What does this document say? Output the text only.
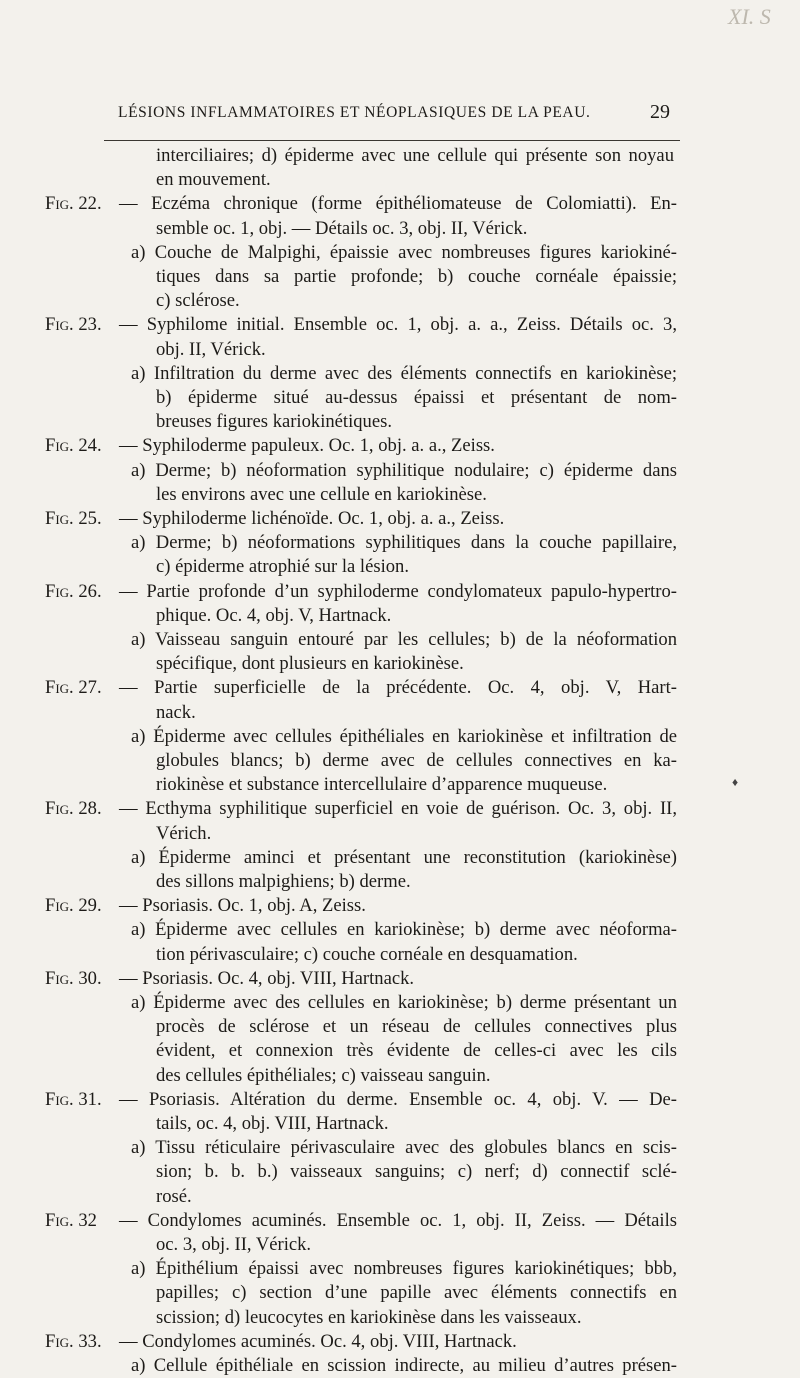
XI. S
LÉSIONS INFLAMMATOIRES ET NÉOPLASIQUES DE LA PEAU.	29
interciliaires; d) épiderme avec une cellule qui présente son noyau
en mouvement.
Fig. 22. — Eczéma chronique (forme épithéliomateuse de Colomiatti). En-
semble oc. 1, obj. — Détails oc. 3, obj. II, Vérick.
a) Couche de Malpighi, épaissie avec nombreuses figures kariokiné-
tiques dans sa partie profonde; b) couche cornéale épaissie;
c) sclérose.
Fig. 23. — Syphilome initial. Ensemble oc. 1, obj. a. a., Zeiss. Détails oc. 3,
obj. II, Vérick.
a) Infiltration du derme avec des éléments connectifs en kariokinèse;
b) épiderme situé au-dessus épaissi et présentant de nom-
breuses figures kariokinétiques.
Fig. 24. — Syphiloderme papuleux. Oc. 1, obj. a. a., Zeiss.
a) Derme; b) néoformation syphilitique nodulaire; c) épiderme dans
les environs avec une cellule en kariokinèse.
Fig. 25. — Syphiloderme lichénoïde. Oc. 1, obj. a. a., Zeiss.
a) Derme; b) néoformations syphilitiques dans la couche papillaire,
c) épiderme atrophié sur la lésion.
Fig. 26. — Partie profonde d’un syphiloderme condylomateux papulo-hypertro-
phique. Oc. 4, obj. V, Hartnack.
a) Vaisseau sanguin entouré par les cellules; b) de la néoformation
spécifique, dont plusieurs en kariokinèse.
Fig. 27. — Partie superficielle de la précédente. Oc. 4, obj. V, Hart-
nack.
a) Épiderme avec cellules épithéliales en kariokinèse et infiltration de
globules blancs; b) derme avec de cellules connectives en ka-
riokinèse et substance intercellulaire d’apparence muqueuse.
Fig. 28. — Ecthyma syphilitique superficiel en voie de guérison. Oc. 3, obj. II,
Vérich.
a) Épiderme aminci et présentant une reconstitution (kariokinèse)
des sillons malpighiens; b) derme.
Fig. 29. — Psoriasis. Oc. 1, obj. A, Zeiss.
a) Épiderme avec cellules en kariokinèse; b) derme avec néoforma-
tion périvasculaire; c) couche cornéale en desquamation.
Fig. 30. — Psoriasis. Oc. 4, obj. VIII, Hartnack.
a) Épiderme avec des cellules en kariokinèse; b) derme présentant un
procès de sclérose et un réseau de cellules connectives plus
évident, et connexion très évidente de celles-ci avec les cils
des cellules épithéliales; c) vaisseau sanguin.
Fig. 31. — Psoriasis. Altération du derme. Ensemble oc. 4, obj. V. — De-
tails, oc. 4, obj. VIII, Hartnack.
a) Tissu réticulaire périvasculaire avec des globules blancs en scis-
sion; b. b. b.) vaisseaux sanguins; c) nerf; d) connectif sclé-
rosé.
Fig. 32 — Condylomes acuminés. Ensemble oc. 1, obj. II, Zeiss. — Détails
oc. 3, obj. II, Vérick.
a) Épithélium épaissi avec nombreuses figures kariokinétiques; bbb,
papilles; c) section d’une papille avec éléments connectifs en
scission; d) leucocytes en kariokinèse dans les vaisseaux.
Fig. 33. — Condylomes acuminés. Oc. 4, obj. VIII, Hartnack.
a) Cellule épithéliale en scission indirecte, au milieu d’autres présen-
♦
